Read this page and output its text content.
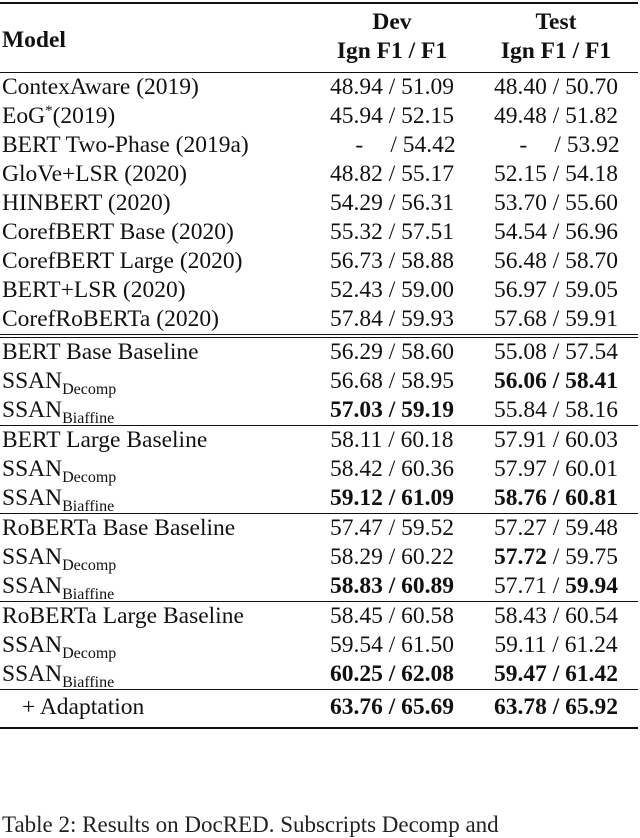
Model	Dev	Test
	Ign F1 / F1	Ign F1 / F1
ContexAware (2019)	48.94 / 51.09	48.40 / 50.70
EoG*(2019)	45.94 / 52.15	49.48 / 51.82
BERT Two-Phase (2019a)	- / 54.42	- / 53.92
GloVe+LSR (2020)	48.82 / 55.17	52.15 / 54.18
HINBERT (2020)	54.29 / 56.31	53.70 / 55.60
CorefBERT Base (2020)	55.32 / 57.51	54.54 / 56.96
CorefBERT Large (2020)	56.73 / 58.88	56.48 / 58.70
BERT+LSR (2020)	52.43 / 59.00	56.97 / 59.05
CorefRoBERTa (2020)	57.84 / 59.93	57.68 / 59.91
BERT Base Baseline	56.29 / 58.60	55.08 / 57.54
$SSAN_{Decomp}$	56.68 / 58.95	56.06 / 58.41
$SSAN_{Biaffine}$	57.03 / 59.19	55.84 / 58.16
BERT Large Baseline	58.11 / 60.18	57.91 / 60.03
$SSAN_{Decomp}$	58.42 / 60.36	57.97 / 60.01
$SSAN_{Biaffine}$	59.12 / 61.09	58.76 / 60.81
RoBERTa Base Baseline	57.47 / 59.52	57.27 / 59.48
$SSAN_{Decomp}$	58.29 / 60.22	57.72 / 59.75
$SSAN_{Biaffine}$	58.83 / 60.89	57.71 / 59.94
RoBERTa Large Baseline	58.45 / 60.58	58.43 / 60.54
$SSAN_{Decomp}$	59.54 / 61.50	59.11 / 61.24
$SSAN_{Biaffine}$	60.25 / 62.08	59.47 / 61.42
+ Adaptation	63.76 / 65.69	63.78 / 65.92
Table 2: Results on DocRED. Subscripts Decomp and
